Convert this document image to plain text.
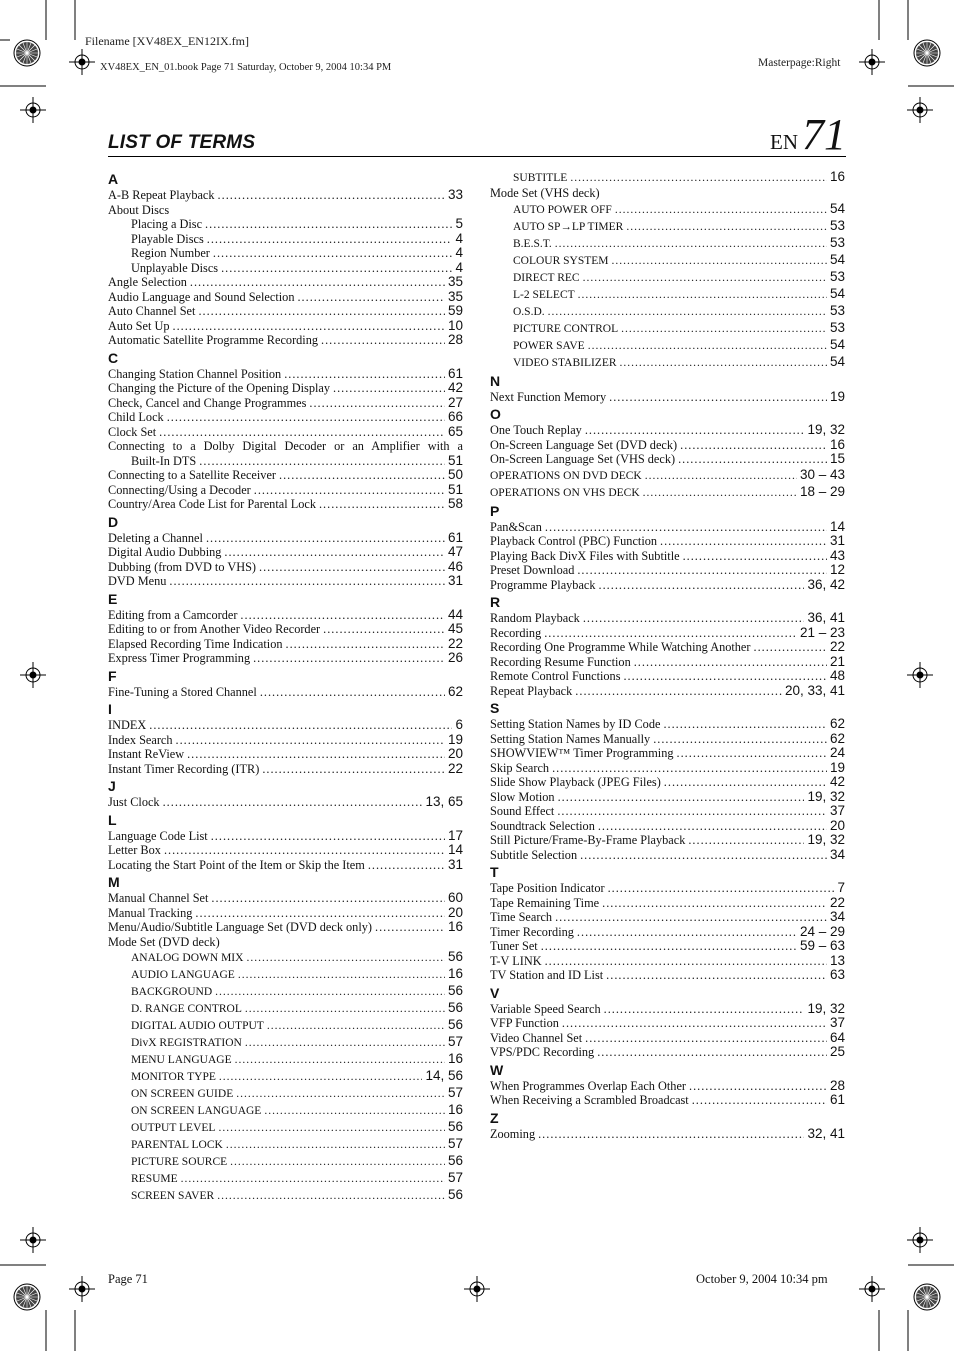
Filename [XV48EX_EN12IX.fm]
XV48EX_EN_01.book Page 71 Saturday, October 9, 2004 10:34 PM	Masterpage:Right
LIST OF TERMS	EN71
A
A-B Repeat Playback .....	33
About Discs
Placing a Disc .....	5
Playable Discs .....	4
Region Number .....	4
Unplayable Discs .....	4
Angle Selection .....	35
Audio Language and Sound Selection .....	35
Auto Channel Set .....	59
Auto Set Up .....	10
Automatic Satellite Programme Recording .....	28
C
Changing Station Channel Position .....	61
Changing the Picture of the Opening Display .....	42
Check, Cancel and Change Programmes .....	27
Child Lock .....	66
Clock Set .....	65
Connecting to a Dolby Digital Decoder or an Amplifier with a
Built-In DTS .....	51
Connecting to a Satellite Receiver .....	50
Connecting/Using a Decoder .....	51
Country/Area Code List for Parental Lock .....	58
D
Deleting a Channel .....	61
Digital Audio Dubbing .....	47
Dubbing (from DVD to VHS) .....	46
DVD Menu .....	31
E
Editing from a Camcorder .....	44
Editing to or from Another Video Recorder .....	45
Elapsed Recording Time Indication .....	22
Express Timer Programming .....	26
F
Fine-Tuning a Stored Channel .....	62
I
INDEX .....	6
Index Search .....	19
Instant ReView .....	20
Instant Timer Recording (ITR) .....	22
J
Just Clock .....	13, 65
L
Language Code List .....	17
Letter Box .....	14
Locating the Start Point of the Item or Skip the Item .....	31
M
Manual Channel Set .....	60
Manual Tracking .....	20
Menu/Audio/Subtitle Language Set (DVD deck only) .....	16
Mode Set (DVD deck)
ANALOG DOWN MIX .....	56
AUDIO LANGUAGE .....	16
BACKGROUND .....	56
D. RANGE CONTROL .....	56
DIGITAL AUDIO OUTPUT .....	56
DivX REGISTRATION .....	57
MENU LANGUAGE .....	16
MONITOR TYPE .....	14, 56
ON SCREEN GUIDE .....	57
ON SCREEN LANGUAGE .....	16
OUTPUT LEVEL .....	56
PARENTAL LOCK .....	57
PICTURE SOURCE .....	56
RESUME .....	57
SCREEN SAVER .....	56
SUBTITLE .....	16
Mode Set (VHS deck)
AUTO POWER OFF .....	54
AUTO SP→LP TIMER .....	53
B.E.S.T. .....	53
COLOUR SYSTEM .....	54
DIRECT REC .....	53
L-2 SELECT .....	54
O.S.D. .....	53
PICTURE CONTROL .....	53
POWER SAVE .....	54
VIDEO STABILIZER .....	54
N
Next Function Memory .....	19
O
One Touch Replay .....	19, 32
On-Screen Language Set (DVD deck) .....	16
On-Screen Language Set (VHS deck) .....	15
OPERATIONS ON DVD DECK .....	30 – 43
OPERATIONS ON VHS DECK .....	18 – 29
P
Pan&Scan .....	14
Playback Control (PBC) Function .....	31
Playing Back DivX Files with Subtitle .....	43
Preset Download .....	12
Programme Playback .....	36, 42
R
Random Playback .....	36, 41
Recording .....	21 – 23
Recording One Programme While Watching Another .....	22
Recording Resume Function .....	21
Remote Control Functions .....	48
Repeat Playback .....	20, 33, 41
S
Setting Station Names by ID Code .....	62
Setting Station Names Manually .....	62
SHOWVIEW™ Timer Programming .....	24
Skip Search .....	19
Slide Show Playback (JPEG Files) .....	42
Slow Motion .....	19, 32
Sound Effect .....	37
Soundtrack Selection .....	20
Still Picture/Frame-By-Frame Playback .....	19, 32
Subtitle Selection .....	34
T
Tape Position Indicator .....	7
Tape Remaining Time .....	22
Time Search .....	34
Timer Recording .....	24 – 29
Tuner Set .....	59 – 63
T-V LINK .....	13
TV Station and ID List .....	63
V
Variable Speed Search .....	19, 32
VFP Function .....	37
Video Channel Set .....	64
VPS/PDC Recording .....	25
W
When Programmes Overlap Each Other .....	28
When Receiving a Scrambled Broadcast .....	61
Z
Zooming .....	32, 41
Page 71	October 9, 2004 10:34 pm
